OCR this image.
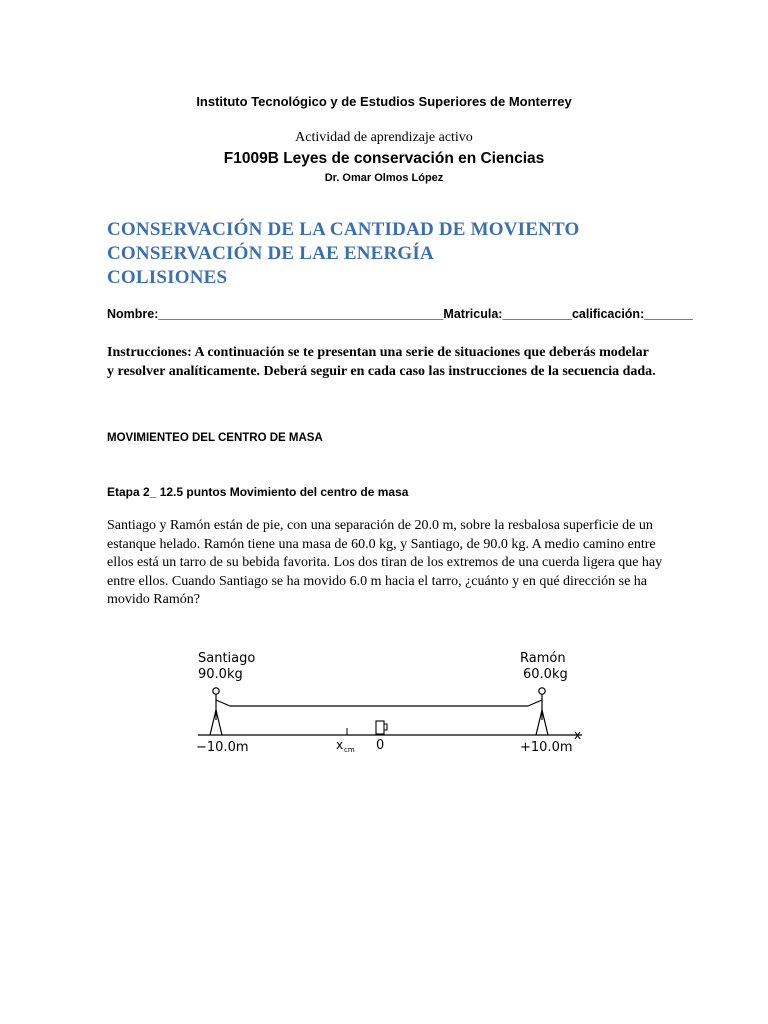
Instituto Tecnológico y de Estudios Superiores de Monterrey
Actividad de aprendizaje activo
F1009B Leyes de conservación en Ciencias
Dr. Omar Olmos López
CONSERVACIÓN DE LA CANTIDAD DE MOVIENTO
CONSERVACIÓN DE LAE ENERGÍA
COLISIONES
Nombre:_________________________________________Matricula:__________calificación:_______
Instrucciones: A continuación se te presentan una serie de situaciones que deberás modelar y resolver analíticamente. Deberá seguir en cada caso las instrucciones de la secuencia dada.
MOVIMIENTEO DEL CENTRO DE MASA
Etapa 2_ 12.5 puntos Movimiento del centro de masa
Santiago y Ramón están de pie, con una separación de 20.0 m, sobre la resbalosa superficie de un estanque helado. Ramón tiene una masa de 60.0 kg, y Santiago, de 90.0 kg. A medio camino entre ellos está un tarro de su bebida favorita. Los dos tiran de los extremos de una cuerda ligera que hay entre ellos. Cuando Santiago se ha movido 6.0 m hacia el tarro, ¿cuánto y en qué dirección se ha movido Ramón?
Santiago
90.0kg
Ramón
60.0kg
x
−10.0m	x cm 0	+10.0m
